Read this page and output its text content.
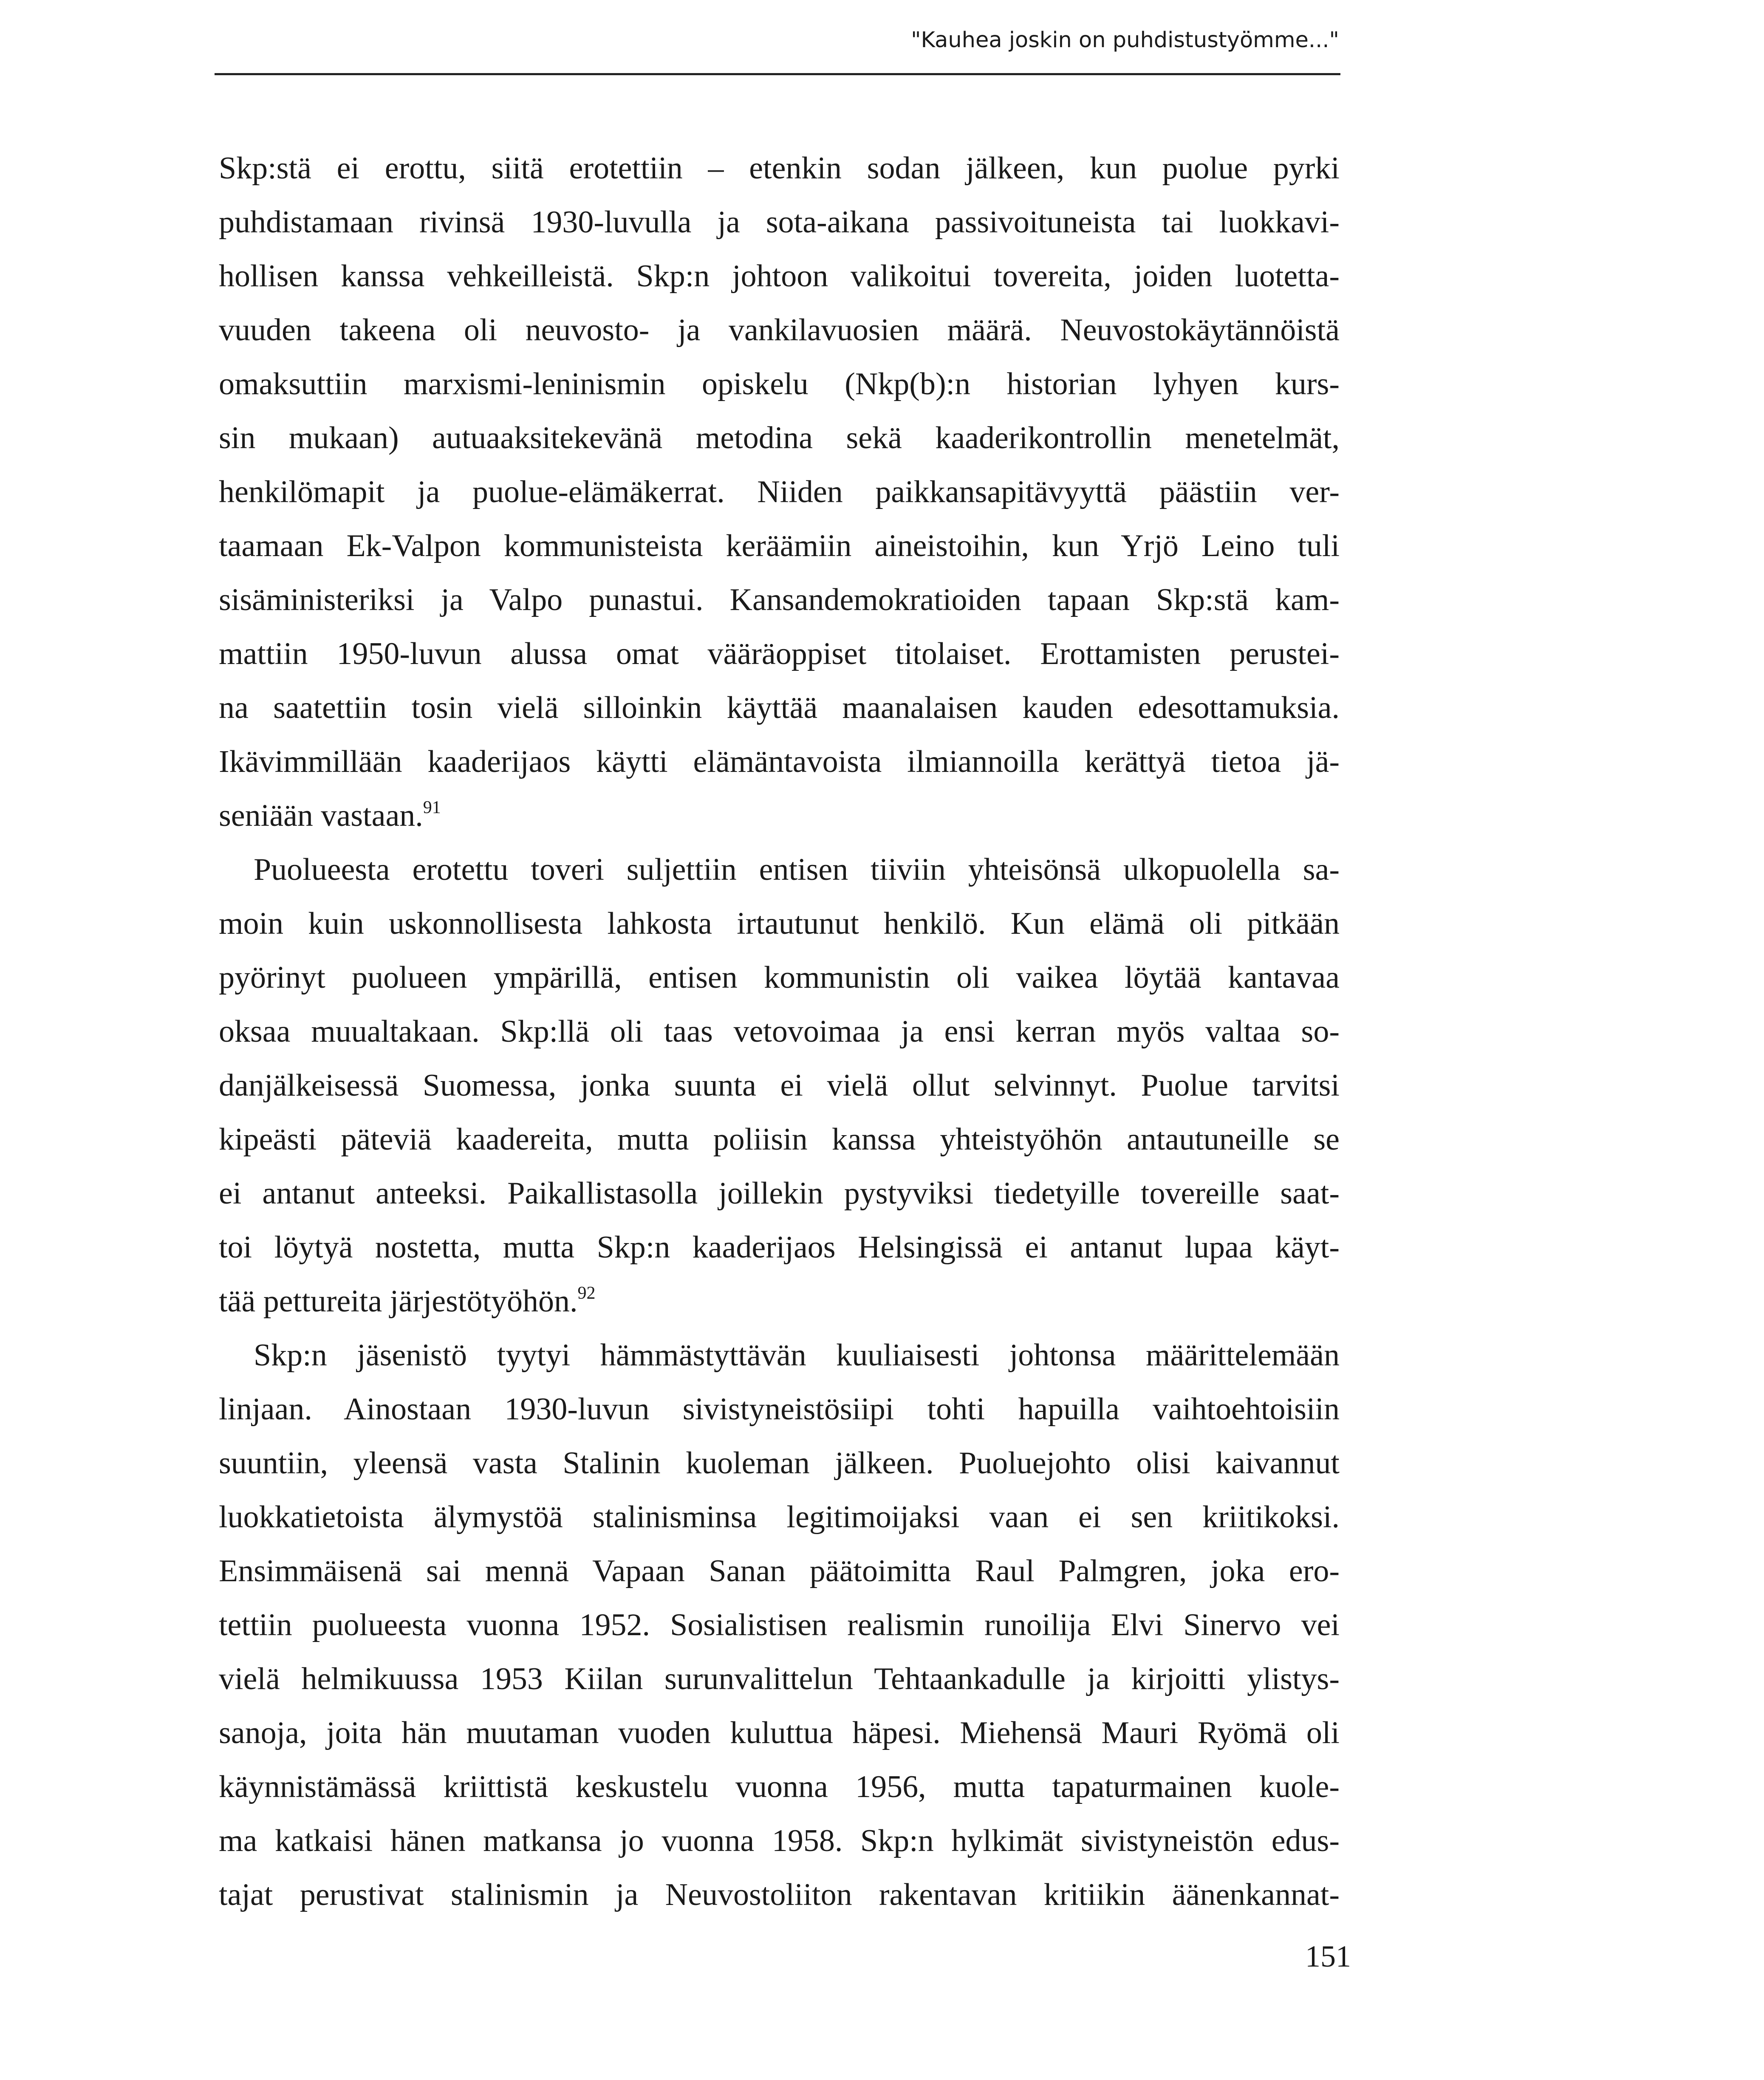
"Kauhea joskin on puhdistustyömme..."
Skp:stä ei erottu, siitä erotettiin – etenkin sodan jälkeen, kun puolue pyrki
puhdistamaan rivinsä 1930-luvulla ja sota-aikana passivoituneista tai luokkavi-
hollisen kanssa vehkeilleistä. Skp:n johtoon valikoitui tovereita, joiden luotetta-
vuuden takeena oli neuvosto- ja vankilavuosien määrä. Neuvostokäytännöistä
omaksuttiin marxismi-leninismin opiskelu (Nkp(b):n historian lyhyen kurs-
sin mukaan) autuaaksitekevänä metodina sekä kaaderikontrollin menetelmät,
henkilömapit ja puolue-elämäkerrat. Niiden paikkansapitävyyttä päästiin ver-
taamaan Ek-Valpon kommunisteista keräämiin aineistoihin, kun Yrjö Leino tuli
sisäministeriksi ja Valpo punastui. Kansandemokratioiden tapaan Skp:stä kam-
mattiin 1950-luvun alussa omat vääräoppiset titolaiset. Erottamisten perustei-
na saatettiin tosin vielä silloinkin käyttää maanalaisen kauden edesottamuksia.
Ikävimmillään kaaderijaos käytti elämäntavoista ilmiannoilla kerättyä tietoa jä-
seniään vastaan.$^{91}$
Puolueesta erotettu toveri suljettiin entisen tiiviin yhteisönsä ulkopuolella sa-
moin kuin uskonnollisesta lahkosta irtautunut henkilö. Kun elämä oli pitkään
pyörinyt puolueen ympärillä, entisen kommunistin oli vaikea löytää kantavaa
oksaa muualtakaan. Skp:llä oli taas vetovoimaa ja ensi kerran myös valtaa so-
danjälkeisessä Suomessa, jonka suunta ei vielä ollut selvinnyt. Puolue tarvitsi
kipeästi päteviä kaadereita, mutta poliisin kanssa yhteistyöhön antautuneille se
ei antanut anteeksi. Paikallistasolla joillekin pystyviksi tiedetyille tovereille saat-
toi löytyä nostetta, mutta Skp:n kaaderijaos Helsingissä ei antanut lupaa käyt-
tää pettureita järjestötyöhön.$^{92}$
Skp:n jäsenistö tyytyi hämmästyttävän kuuliaisesti johtonsa määrittelemään
linjaan. Ainostaan 1930-luvun sivistyneistösiipi tohti hapuilla vaihtoehtoisiin
suuntiin, yleensä vasta Stalinin kuoleman jälkeen. Puoluejohto olisi kaivannut
luokkatietoista älymystöä stalinisminsa legitimoijaksi vaan ei sen kriitikoksi.
Ensimmäisenä sai mennä Vapaan Sanan päätoimitta Raul Palmgren, joka ero-
tettiin puolueesta vuonna 1952. Sosialistisen realismin runoilija Elvi Sinervo vei
vielä helmikuussa 1953 Kiilan surunvalittelun Tehtaankadulle ja kirjoitti ylistys-
sanoja, joita hän muutaman vuoden kuluttua häpesi. Miehensä Mauri Ryömä oli
käynnistämässä kriittistä keskustelu vuonna 1956, mutta tapaturmainen kuole-
ma katkaisi hänen matkansa jo vuonna 1958. Skp:n hylkimät sivistyneistön edus-
tajat perustivat stalinismin ja Neuvostoliiton rakentavan kritiikin äänenkannat-
151
